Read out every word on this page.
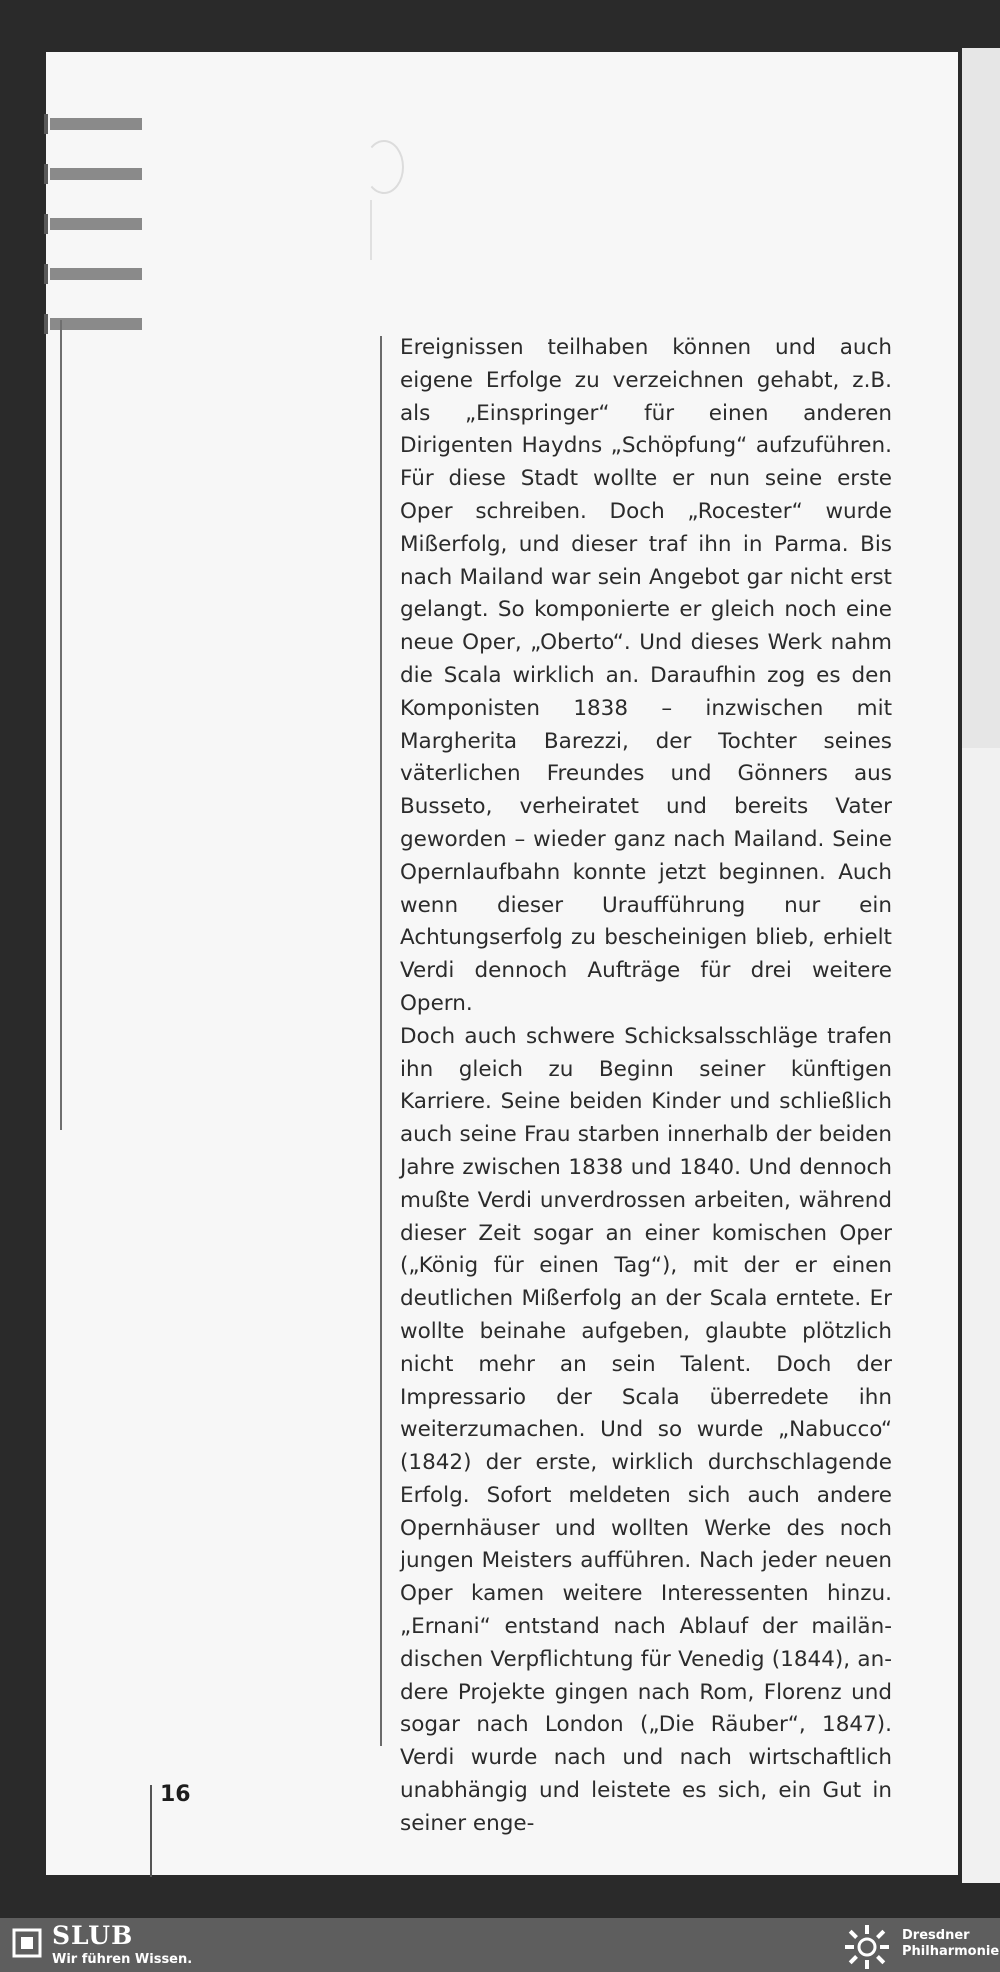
Ereignissen teilhaben können und auch eigene Erfolge zu verzeichnen gehabt, z.B. als „Einspringer“ für einen anderen Dirigenten Haydns „Schöpfung“ aufzuführen. Für diese Stadt wollte er nun seine erste Oper schreiben. Doch „Rocester“ wurde Mißerfolg, und dieser traf ihn in Parma. Bis nach Mailand war sein Angebot gar nicht erst gelangt. So komponierte er gleich noch eine neue Oper, „Oberto“. Und dieses Werk nahm die Scala wirklich an. Daraufhin zog es den Komponisten 1838 – inzwischen mit Margherita Barezzi, der Tochter seines väterlichen Freundes und Gönners aus Busseto, verheiratet und bereits Vater geworden – wieder ganz nach Mailand. Seine Opernlaufbahn konnte jetzt beginnen. Auch wenn dieser Uraufführung nur ein Achtungserfolg zu bescheinigen blieb, erhielt Verdi dennoch Aufträge für drei weitere Opern.

Doch auch schwere Schicksalsschläge trafen ihn gleich zu Beginn seiner künftigen Karriere. Seine beiden Kinder und schließlich auch seine Frau starben innerhalb der beiden Jahre zwischen 1838 und 1840. Und dennoch mußte Verdi unverdrossen arbeiten, während dieser Zeit sogar an einer komischen Oper („König für einen Tag“), mit der er einen deutlichen Mißerfolg an der Scala erntete. Er wollte beinahe aufgeben, glaubte plötzlich nicht mehr an sein Talent. Doch der Impressario der Scala überredete ihn weiterzumachen. Und so wurde „Nabucco“ (1842) der erste, wirklich durchschlagende Erfolg. Sofort meldeten sich auch andere Opernhäuser und wollten Werke des noch jungen Meisters aufführen. Nach jeder neuen Oper kamen weitere Interessenten hinzu. „Ernani“ entstand nach Ablauf der mailändischen Verpflichtung für Venedig (1844), andere Projekte gingen nach Rom, Florenz und sogar nach London („Die Räuber“, 1847). Verdi wurde nach und nach wirtschaftlich unabhängig und leistete es sich, ein Gut in seiner enge-

16
SLUB
Wir führen Wissen.
Dresdner
Philharmonie
